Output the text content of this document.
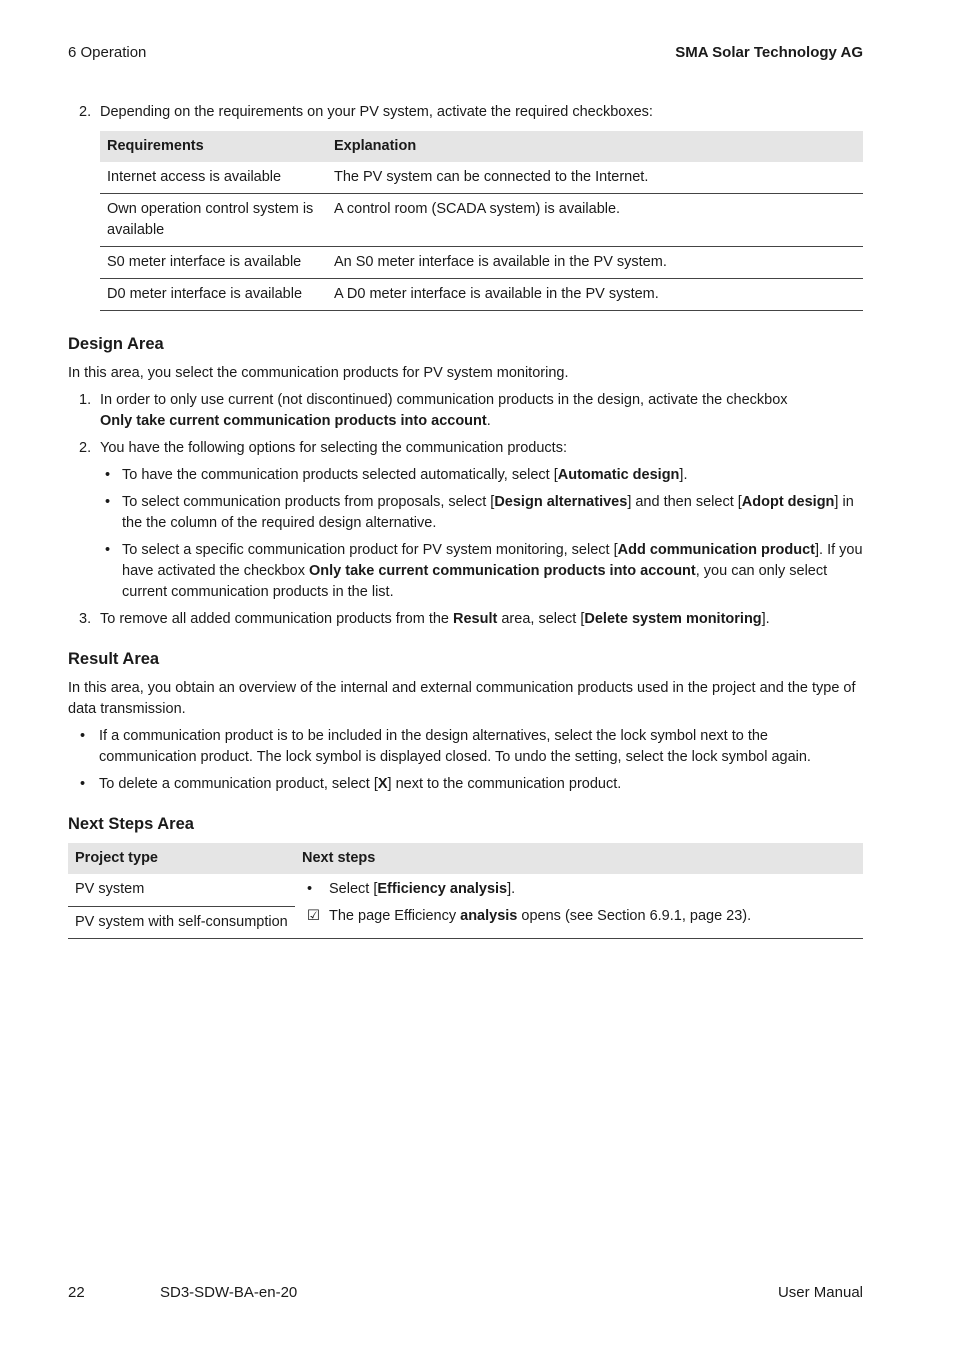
6 Operation	SMA Solar Technology AG
2. Depending on the requirements on your PV system, activate the required checkboxes:
Requirements	Explanation
Internet access is available	The PV system can be connected to the Internet.
Own operation control system is available	A control room (SCADA system) is available.
S0 meter interface is available	An S0 meter interface is available in the PV system.
D0 meter interface is available	A D0 meter interface is available in the PV system.
Design Area

In this area, you select the communication products for PV system monitoring.

1. In order to only use current (not discontinued) communication products in the design, activate the checkbox
Only take current communication products into account.
2. You have the following options for selecting the communication products:
• To have the communication products selected automatically, select [Automatic design].
• To select communication products from proposals, select [Design alternatives] and then select [Adopt design] in the the column of the required design alternative.
• To select a specific communication product for PV system monitoring, select [Add communication product]. If you have activated the checkbox Only take current communication products into account, you can only select current communication products in the list.
3. To remove all added communication products from the Result area, select [Delete system monitoring].
Result Area

In this area, you obtain an overview of the internal and external communication products used in the project and the type of data transmission.

• If a communication product is to be included in the design alternatives, select the lock symbol next to the communication product. The lock symbol is displayed closed. To undo the setting, select the lock symbol again.
• To delete a communication product, select [X] next to the communication product.
Next Steps Area
Project type	Next steps
PV system	• Select [Efficiency analysis].
☑ The page Efficiency analysis opens (see Section 6.9.1, page 23).

PV system with self-consumption	
22	SD3-SDW-BA-en-20	User Manual
